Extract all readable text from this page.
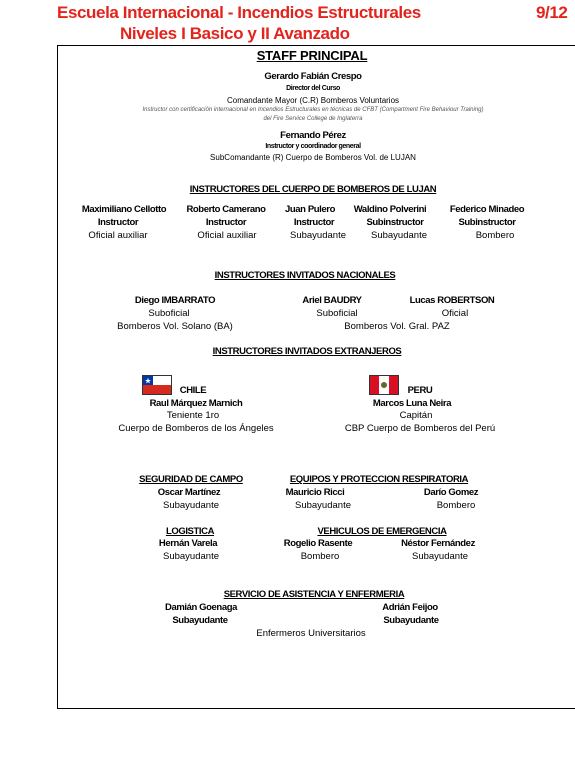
Escuela Internacional - Incendios Estructurales
Niveles I Basico y II Avanzado
9/12
STAFF PRINCIPAL
Gerardo Fabián Crespo
Director del Curso
Comandante Mayor (C.R) Bomberos Voluntarios
Instructor con certificación internacional en Incendios Estructurales en técnicas de CFBT (Compartment Fire Behaviour Training)
del Fire Service College de Inglaterra
Fernando Pérez
Instructor y coordinador general
SubComandante (R) Cuerpo de Bomberos Vol. de LUJAN
INSTRUCTORES DEL CUERPO DE BOMBEROS DE LUJAN
Maximiliano Cellotto
Instructor
Oficial auxiliar
Roberto Camerano
Instructor
Oficial auxiliar
Juan Pulero
Instructor
Subayudante
Waldino Polverini
Subinstructor
Subayudante
Federico Minadeo
Subinstructor
Bombero
INSTRUCTORES INVITADOS NACIONALES
Diego IMBARRATO
Suboficial
Bomberos Vol. Solano (BA)
Ariel BAUDRY
Suboficial
Bomberos Vol. Gral. PAZ
Lucas ROBERTSON
Oficial
INSTRUCTORES INVITADOS EXTRANJEROS
CHILE
Raul Márquez Marnich
Teniente 1ro
Cuerpo de Bomberos de los Ángeles
PERU
Marcos Luna Neira
Capitán
CBP Cuerpo de Bomberos del Perú
SEGURIDAD DE CAMPO
Oscar Martínez
Subayudante
EQUIPOS Y PROTECCION RESPIRATORIA
Mauricio Ricci
Subayudante
Darío Gomez
Bombero
LOGISTICA
Hernán Varela
Subayudante
VEHICULOS DE EMERGENCIA
Rogelio Rasente
Bombero
Néstor Fernández
Subayudante
SERVICIO DE ASISTENCIA Y ENFERMERIA
Damián Goenaga
Subayudante
Adrián Feijoo
Subayudante
Enfermeros Universitarios
